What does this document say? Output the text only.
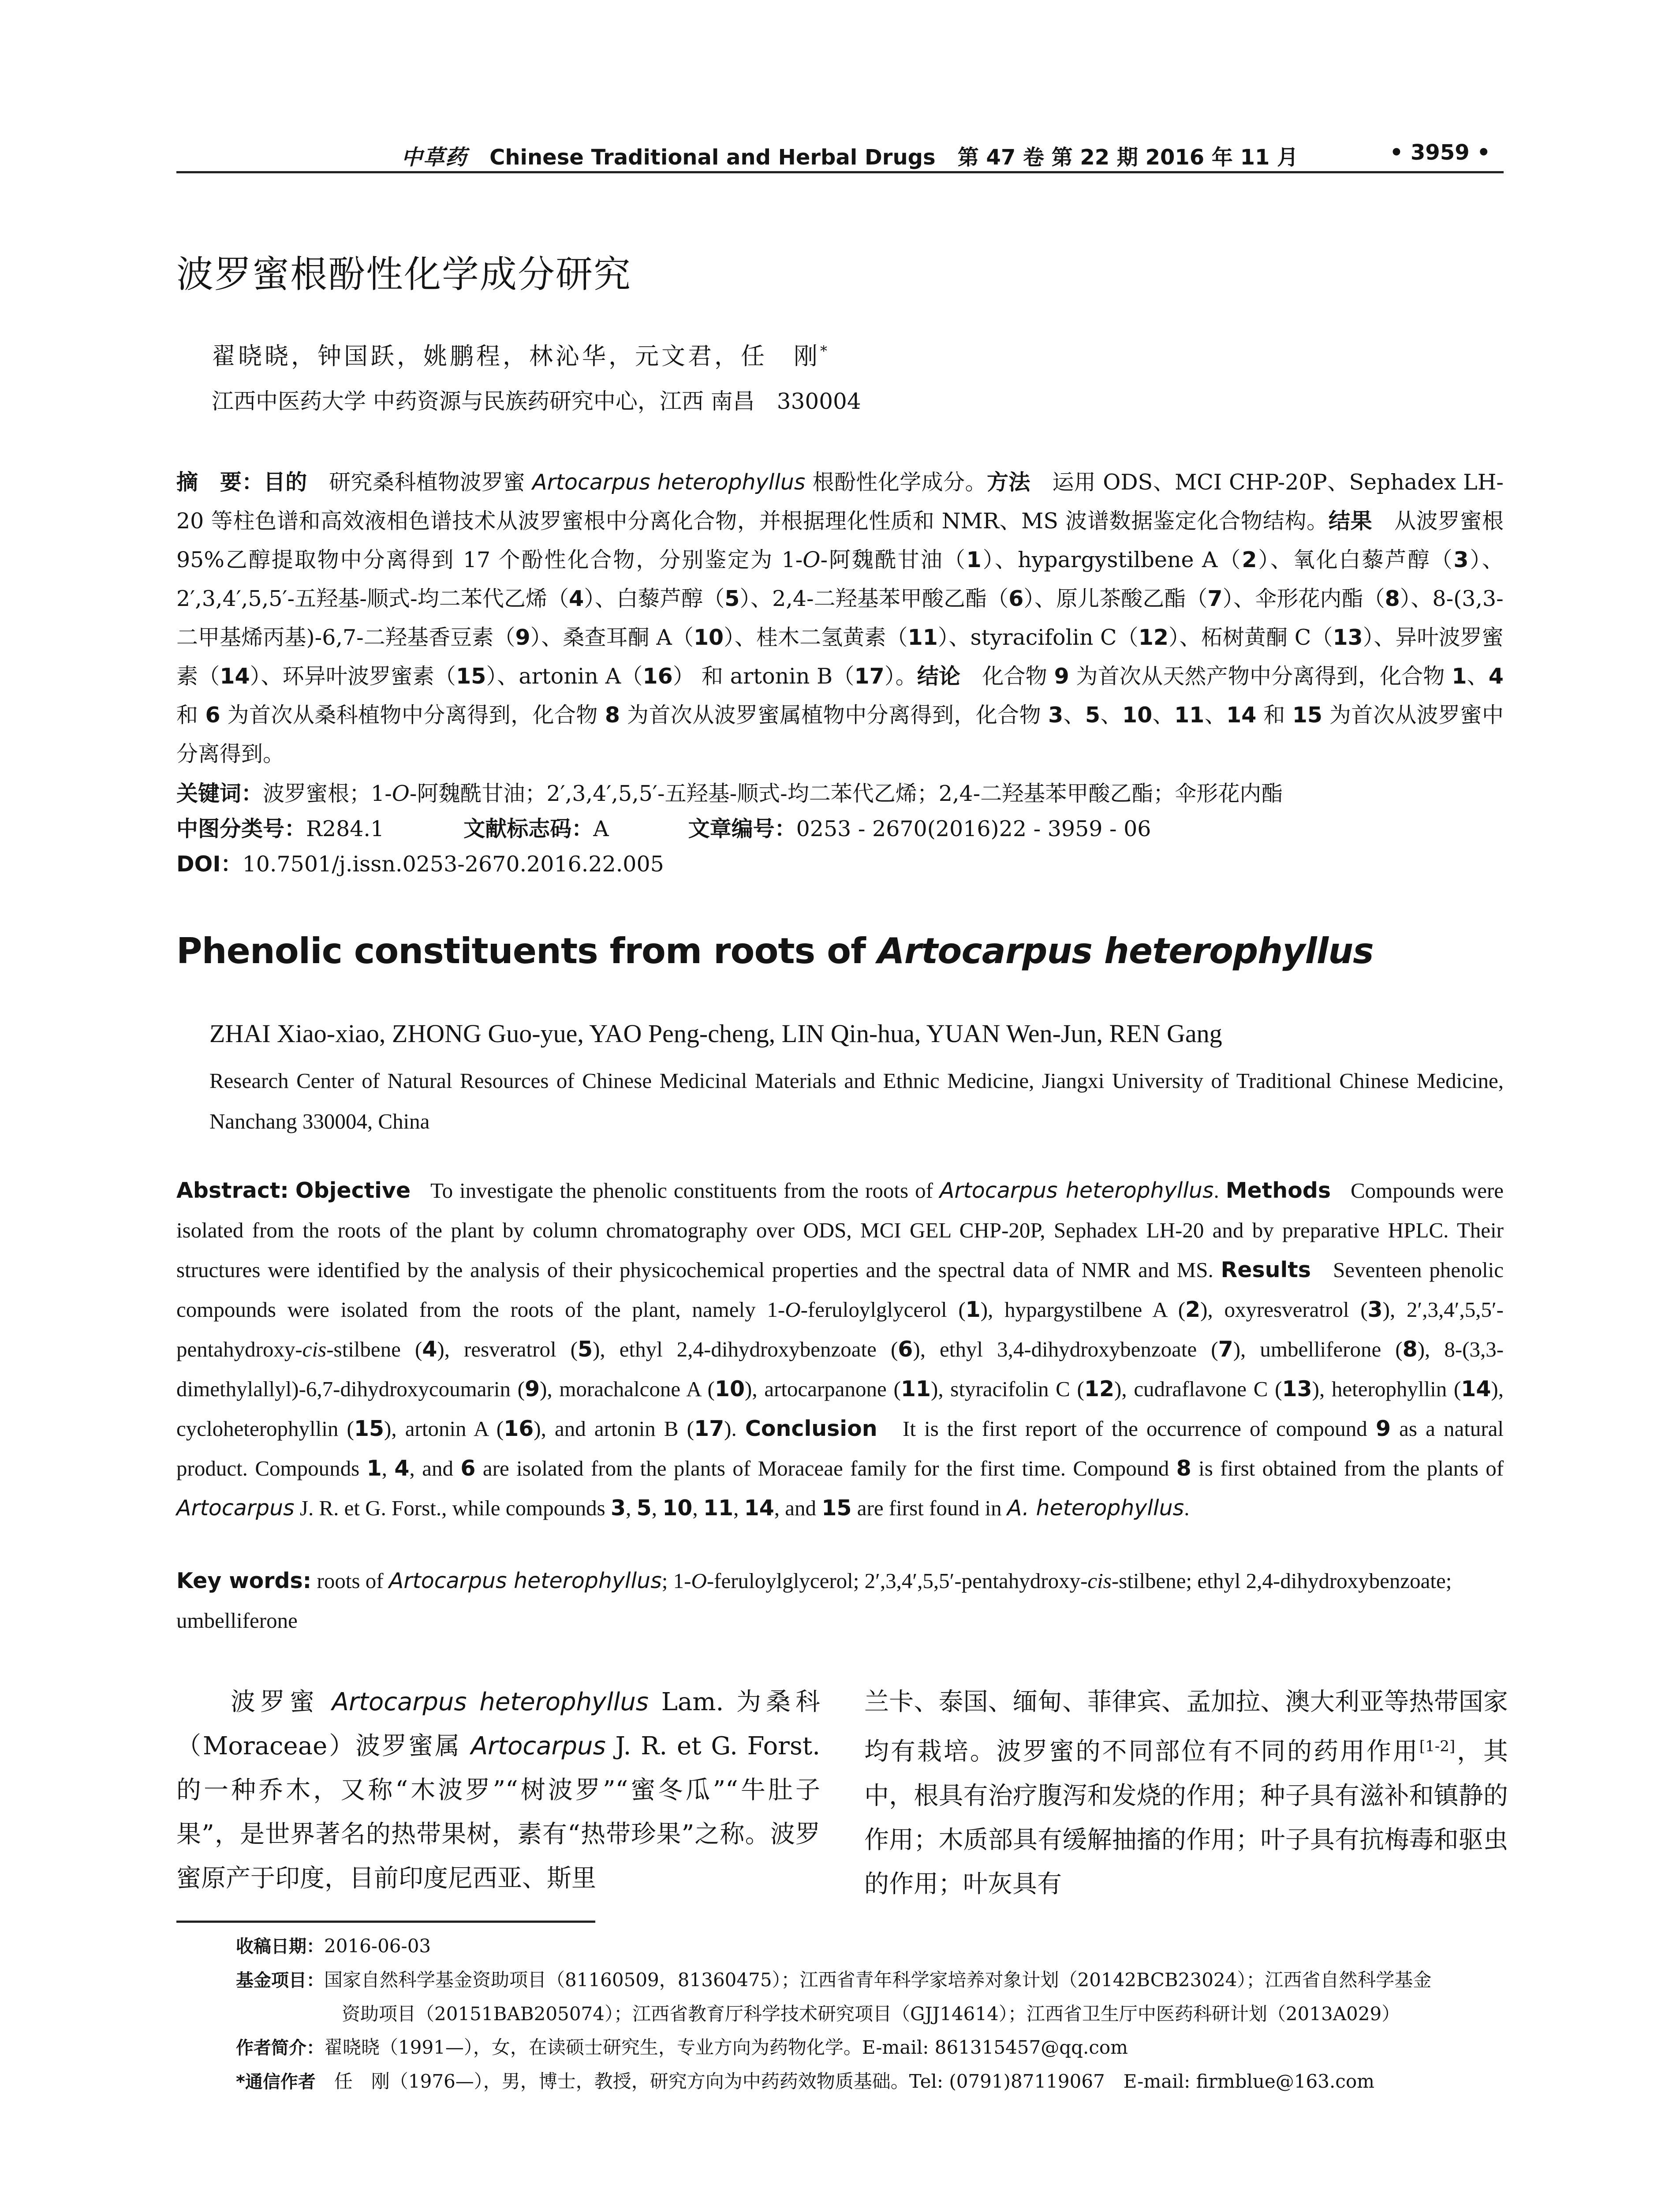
中草药 Chinese Traditional and Herbal Drugs 第 47 卷 第 22 期 2016 年 11 月	• 3959 •
波罗蜜根酚性化学成分研究
翟晓晓，钟国跃，姚鹏程，林沁华，元文君，任　刚*
江西中医药大学 中药资源与民族药研究中心，江西 南昌　330004
摘　要：目的　 研究桑科植物波罗蜜 Artocarpus heterophyllus 根酚性化学成分。方法　 运用 ODS、MCI CHP-20P、Sephadex LH-20 等柱色谱和高效液相色谱技术从波罗蜜根中分离化合物，并根据理化性质和 NMR、MS 波谱数据鉴定化合物结构。结果　 从波罗蜜根 95%乙醇提取物中分离得到 17 个酚性化合物，分别鉴定为 1-O-阿魏酰甘油（1）、hypargystilbene A（2）、氧化白藜芦醇（3）、2′,3,4′,5,5′-五羟基-顺式-均二苯代乙烯（4）、白藜芦醇（5）、2,4-二羟基苯甲酸乙酯（6）、原儿茶酸乙酯（7）、伞形花内酯（8）、8-(3,3-二甲基烯丙基)-6,7-二羟基香豆素（9）、桑查耳酮 A（10）、桂木二氢黄素（11）、styracifolin C（12）、柘树黄酮 C（13）、异叶波罗蜜素（14）、环异叶波罗蜜素（15）、artonin A（16） 和 artonin B（17）。结论　 化合物 9 为首次从天然产物中分离得到，化合物 1、4 和 6 为首次从桑科植物中分离得到，化合物 8 为首次从波罗蜜属植物中分离得到，化合物 3、5、10、11、14 和 15 为首次从波罗蜜中分离得到。
关键词：波罗蜜根；1-O-阿魏酰甘油；2′,3,4′,5,5′-五羟基-顺式-均二苯代乙烯；2,4-二羟基苯甲酸乙酯；伞形花内酯
中图分类号：R284.1	文献标志码：A	文章编号：0253 - 2670(2016)22 - 3959 - 06
DOI：10.7501/j.issn.0253-2670.2016.22.005
Phenolic constituents from roots of Artocarpus heterophyllus
ZHAI Xiao-xiao, ZHONG Guo-yue, YAO Peng-cheng, LIN Qin-hua, YUAN Wen-Jun, REN Gang
Research Center of Natural Resources of Chinese Medicinal Materials and Ethnic Medicine, Jiangxi University of Traditional Chinese Medicine, Nanchang 330004, China
Abstract: Objective To investigate the phenolic constituents from the roots of Artocarpus heterophyllus. Methods Compounds were isolated from the roots of the plant by column chromatography over ODS, MCI GEL CHP-20P, Sephadex LH-20 and by preparative HPLC. Their structures were identified by the analysis of their physicochemical properties and the spectral data of NMR and MS. Results Seventeen phenolic compounds were isolated from the roots of the plant, namely 1-O-feruloylglycerol (1), hypargystilbene A (2), oxyresveratrol (3), 2′,3,4′,5,5′-pentahydroxy-cis-stilbene (4), resveratrol (5), ethyl 2,4-dihydroxybenzoate (6), ethyl 3,4-dihydroxybenzoate (7), umbelliferone (8), 8-(3,3-dimethylallyl)-6,7-dihydroxycoumarin (9), morachalcone A (10), artocarpanone (11), styracifolin C (12), cudraflavone C (13), heterophyllin (14), cycloheterophyllin (15), artonin A (16), and artonin B (17). Conclusion It is the first report of the occurrence of compound 9 as a natural product. Compounds 1, 4, and 6 are isolated from the plants of Moraceae family for the first time. Compound 8 is first obtained from the plants of Artocarpus J. R. et G. Forst., while compounds 3, 5, 10, 11, 14, and 15 are first found in A. heterophyllus.
Key words: roots of Artocarpus heterophyllus; 1-O-feruloylglycerol; 2′,3,4′,5,5′-pentahydroxy-cis-stilbene; ethyl 2,4-dihydroxybenzoate; umbelliferone
波罗蜜 Artocarpus heterophyllus Lam. 为桑科（Moraceae）波罗蜜属 Artocarpus J. R. et G. Forst. 的一种乔木，又称“木波罗”“树波罗”“蜜冬瓜”“牛肚子果”，是世界著名的热带果树，素有“热带珍果”之称。波罗蜜原产于印度，目前印度尼西亚、斯里
兰卡、泰国、缅甸、菲律宾、孟加拉、澳大利亚等热带国家均有栽培。波罗蜜的不同部位有不同的药用作用[1-2]，其中，根具有治疗腹泻和发烧的作用；种子具有滋补和镇静的作用；木质部具有缓解抽搐的作用；叶子具有抗梅毒和驱虫的作用；叶灰具有
收稿日期：2016-06-03
基金项目：国家自然科学基金资助项目（81160509，81360475）；江西省青年科学家培养对象计划（20142BCB23024）；江西省自然科学基金
资助项目（20151BAB205074）；江西省教育厅科学技术研究项目（GJJ14614）；江西省卫生厅中医药科研计划（2013A029）
作者简介：翟晓晓（1991—），女，在读硕士研究生，专业方向为药物化学。E-mail: 861315457@qq.com
*通信作者　任　刚（1976—），男，博士，教授，研究方向为中药药效物质基础。Tel: (0791)87119067　E-mail: firmblue@163.com
